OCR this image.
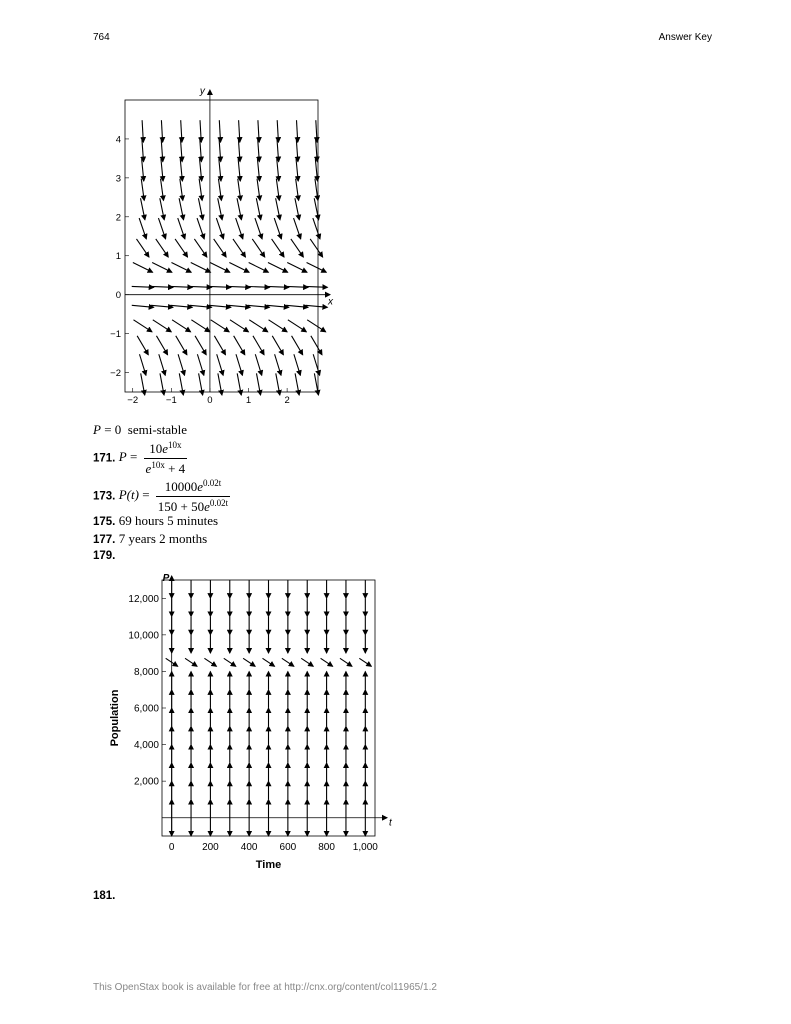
764	Answer Key
x
y
−2	−1	0	1	2
−2
−1
0
1
2
3
4
P = 0 semi-stable
171. $P = \frac{10e^{10x}}{e^{10x} + 4}$
173. $P(t) = \frac{10000e^{0.02t}}{150 + 50e^{0.02t}}$
175. 69 hours 5 minutes
177. 7 years 2 months
179.
t
P
0	200 400 600 800 1,000
2,000
4,000
6,000
8,000
10,000
12,000
Time
Population
181.
This OpenStax book is available for free at http://cnx.org/content/col11965/1.2
